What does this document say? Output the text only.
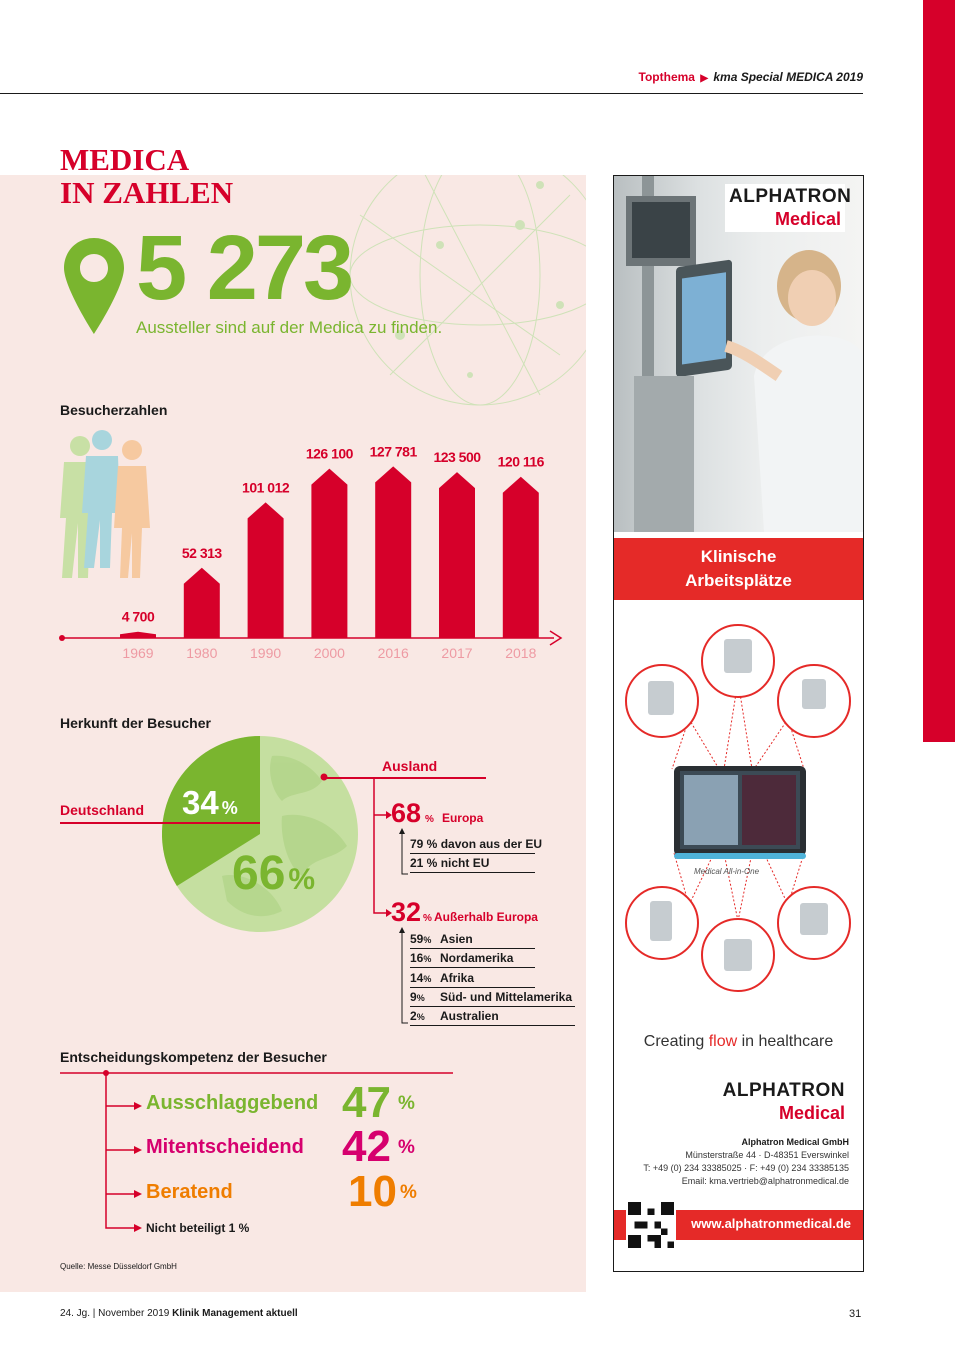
Topthema ▶ kma Special MEDICA 2019
MEDICA
IN ZAHLEN
5 273
Aussteller sind auf der Medica zu finden.
Besucherzahlen
4 700
1969
52 313
1980
101 012
1990
126 100
2000
127 781
2016
123 500
2017
120 116
2018
Herkunft der Besucher
Deutschland 34 %
66 %
Ausland
68 % Europa
79 % davon aus der EU
21 % nicht EU
32 % Außerhalb Europa
59% Asien
16% Nordamerika
14% Afrika
9% Süd- und Mittelamerika
2% Australien
Entscheidungskompetenz der Besucher
Ausschlaggebend 47 %
Mitentscheidend 42 %
Beratend	10 %
Nicht beteiligt 1 %
Quelle: Messe Düsseldorf GmbH
24. Jg. | November 2019 Klinik Management aktuell	31
ALPHATRON
Medical
Klinische
Arbeitsplätze
Medical All-in-One
Creating flow in healthcare
ALPHATRON
Medical
Alphatron Medical GmbH
Münsterstraße 44 · D-48351 Everswinkel
T: +49 (0) 234 33385025 · F: +49 (0) 234 33385135
Email: kma.vertrieb@alphatronmedical.de
www.alphatronmedical.de
